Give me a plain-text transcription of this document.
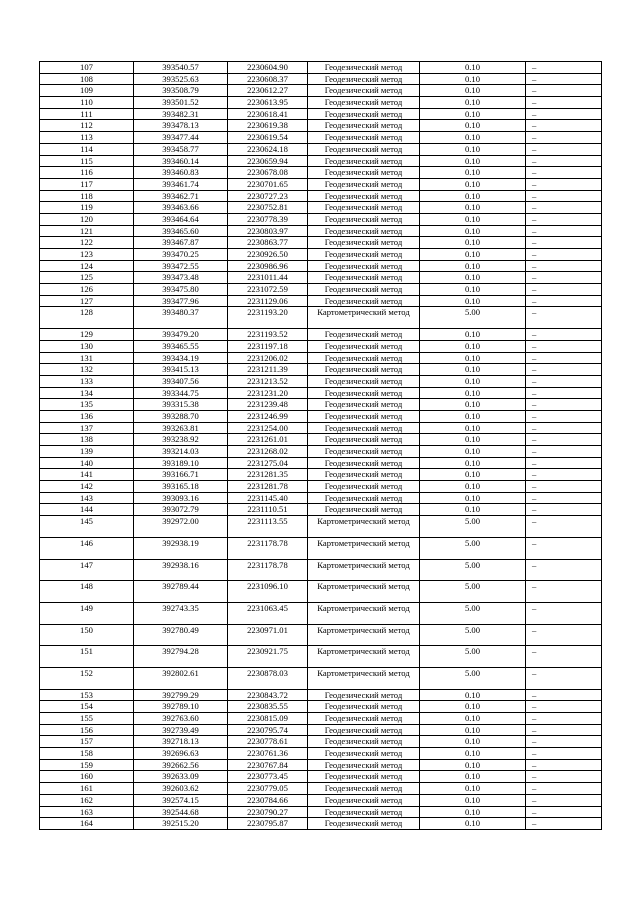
107	393540.57	2230604.90	Геодезический метод	0.10	–
108	393525.63	2230608.37	Геодезический метод	0.10	–
109	393508.79	2230612.27	Геодезический метод	0.10	–
110	393501.52	2230613.95	Геодезический метод	0.10	–
111	393482.31	2230618.41	Геодезический метод	0.10	–
112	393478.13	2230619.38	Геодезический метод	0.10	–
113	393477.44	2230619.54	Геодезический метод	0.10	–
114	393458.77	2230624.18	Геодезический метод	0.10	–
115	393460.14	2230659.94	Геодезический метод	0.10	–
116	393460.83	2230678.08	Геодезический метод	0.10	–
117	393461.74	2230701.65	Геодезический метод	0.10	–
118	393462.71	2230727.23	Геодезический метод	0.10	–
119	393463.66	2230752.81	Геодезический метод	0.10	–
120	393464.64	2230778.39	Геодезический метод	0.10	–
121	393465.60	2230803.97	Геодезический метод	0.10	–
122	393467.87	2230863.77	Геодезический метод	0.10	–
123	393470.25	2230926.50	Геодезический метод	0.10	–
124	393472.55	2230986.96	Геодезический метод	0.10	–
125	393473.48	2231011.44	Геодезический метод	0.10	–
126	393475.80	2231072.59	Геодезический метод	0.10	–
127	393477.96	2231129.06	Геодезический метод	0.10	–
128	393480.37	2231193.20	Картометрический метод	5.00	–
129	393479.20	2231193.52	Геодезический метод	0.10	–
130	393465.55	2231197.18	Геодезический метод	0.10	–
131	393434.19	2231206.02	Геодезический метод	0.10	–
132	393415.13	2231211.39	Геодезический метод	0.10	–
133	393407.56	2231213.52	Геодезический метод	0.10	–
134	393344.75	2231231.20	Геодезический метод	0.10	–
135	393315.38	2231239.48	Геодезический метод	0.10	–
136	393288.70	2231246.99	Геодезический метод	0.10	–
137	393263.81	2231254.00	Геодезический метод	0.10	–
138	393238.92	2231261.01	Геодезический метод	0.10	–
139	393214.03	2231268.02	Геодезический метод	0.10	–
140	393189.10	2231275.04	Геодезический метод	0.10	–
141	393166.71	2231281.35	Геодезический метод	0.10	–
142	393165.18	2231281.78	Геодезический метод	0.10	–
143	393093.16	2231145.40	Геодезический метод	0.10	–
144	393072.79	2231110.51	Геодезический метод	0.10	–
145	392972.00	2231113.55	Картометрический метод	5.00	–
146	392938.19	2231178.78	Картометрический метод	5.00	–
147	392938.16	2231178.78	Картометрический метод	5.00	–
148	392789.44	2231096.10	Картометрический метод	5.00	–
149	392743.35	2231063.45	Картометрический метод	5.00	–
150	392780.49	2230971.01	Картометрический метод	5.00	–
151	392794.28	2230921.75	Картометрический метод	5.00	–
152	392802.61	2230878.03	Картометрический метод	5.00	–
153	392799.29	2230843.72	Геодезический метод	0.10	–
154	392789.10	2230835.55	Геодезический метод	0.10	–
155	392763.60	2230815.09	Геодезический метод	0.10	–
156	392739.49	2230795.74	Геодезический метод	0.10	–
157	392718.13	2230778.61	Геодезический метод	0.10	–
158	392696.63	2230761.36	Геодезический метод	0.10	–
159	392662.56	2230767.84	Геодезический метод	0.10	–
160	392633.09	2230773.45	Геодезический метод	0.10	–
161	392603.62	2230779.05	Геодезический метод	0.10	–
162	392574.15	2230784.66	Геодезический метод	0.10	–
163	392544.68	2230790.27	Геодезический метод	0.10	–
164	392515.20	2230795.87	Геодезический метод	0.10	–
